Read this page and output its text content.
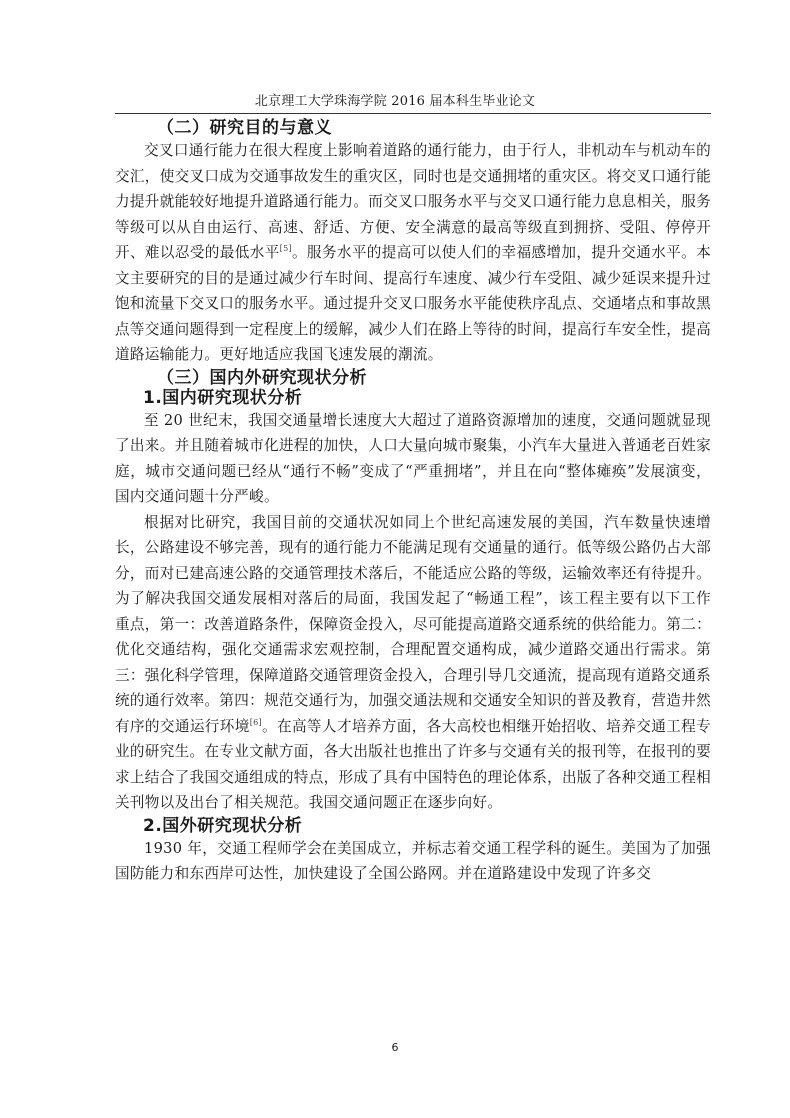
北京理工大学珠海学院 2016 届本科生毕业论文
（二）研究目的与意义

交叉口通行能力在很大程度上影响着道路的通行能力，由于行人，非机动车与机动车的交汇，使交叉口成为交通事故发生的重灾区，同时也是交通拥堵的重灾区。将交叉口通行能力提升就能较好地提升道路通行能力。而交叉口服务水平与交叉口通行能力息息相关，服务等级可以从自由运行、高速、舒适、方便、安全满意的最高等级直到拥挤、受阻、停停开开、难以忍受的最低水平[5]。服务水平的提高可以使人们的幸福感增加，提升交通水平。本文主要研究的目的是通过减少行车时间、提高行车速度、减少行车受阻、减少延误来提升过饱和流量下交叉口的服务水平。通过提升交叉口服务水平能使秩序乱点、交通堵点和事故黑点等交通问题得到一定程度上的缓解，减少人们在路上等待的时间，提高行车安全性，提高道路运输能力。更好地适应我国飞速发展的潮流。

（三）国内外研究现状分析
1.国内研究现状分析

至 20 世纪末，我国交通量增长速度大大超过了道路资源增加的速度，交通问题就显现了出来。并且随着城市化进程的加快，人口大量向城市聚集，小汽车大量进入普通老百姓家庭，城市交通问题已经从“通行不畅”变成了“严重拥堵”，并且在向“整体瘫痪”发展演变，国内交通问题十分严峻。

根据对比研究，我国目前的交通状况如同上个世纪高速发展的美国，汽车数量快速增长，公路建设不够完善，现有的通行能力不能满足现有交通量的通行。低等级公路仍占大部分，而对已建高速公路的交通管理技术落后，不能适应公路的等级，运输效率还有待提升。为了解决我国交通发展相对落后的局面，我国发起了“畅通工程”，该工程主要有以下工作重点，第一：改善道路条件，保障资金投入，尽可能提高道路交通系统的供给能力。第二：优化交通结构，强化交通需求宏观控制，合理配置交通构成，减少道路交通出行需求。第三：强化科学管理，保障道路交通管理资金投入，合理引导几交通流，提高现有道路交通系统的通行效率。第四：规范交通行为，加强交通法规和交通安全知识的普及教育，营造井然有序的交通运行环境[6]。在高等人才培养方面，各大高校也相继开始招收、培养交通工程专业的研究生。在专业文献方面，各大出版社也推出了许多与交通有关的报刊等，在报刊的要求上结合了我国交通组成的特点，形成了具有中国特色的理论体系，出版了各种交通工程相关刊物以及出台了相关规范。我国交通问题正在逐步向好。

2.国外研究现状分析

1930 年，交通工程师学会在美国成立，并标志着交通工程学科的诞生。美国为了加强国防能力和东西岸可达性，加快建设了全国公路网。并在道路建设中发现了许多交

6
